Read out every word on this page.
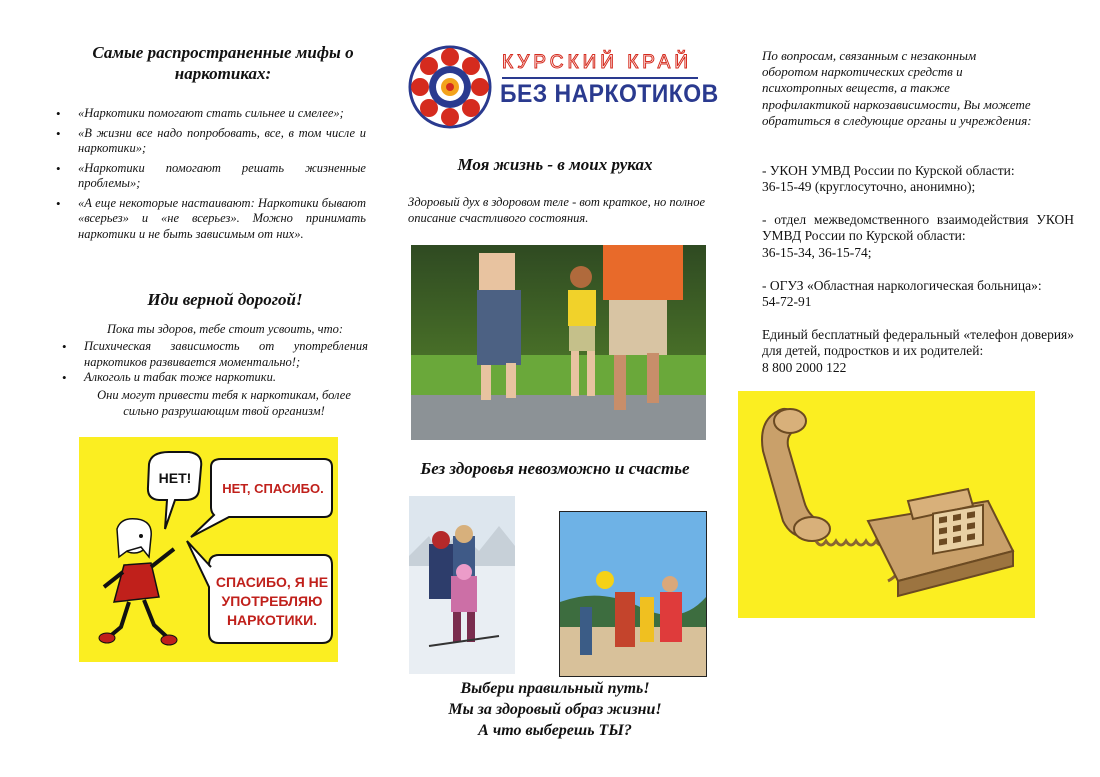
Самые распространенные мифы о наркотиках:
• «Наркотики помогают стать сильнее и смелее»;
• «В жизни все надо попробовать, все, в том числе и наркотики»;
• «Наркотики помогают решать жизненные проблемы»;
• «А еще некоторые настаивают: Наркотики бывают «всерьез» и «не всерьез». Можно принимать наркотики и не быть зависимым от них».
Иди верной дорогой!
Пока ты здоров, тебе стоит усвоить, что:
• Психическая зависимость от употребления наркотиков развивается моментально!;
• Алкоголь и табак тоже наркотики.
Они могут привести тебя к наркотикам, более сильно разрушающим твой организм!
НЕТ!
НЕТ, СПАСИБО.
СПАСИБО, Я НЕ УПОТРЕБЛЯЮ НАРКОТИКИ.
КУРСКИЙ КРАЙ
БЕЗ НАРКОТИКОВ
Моя жизнь - в моих руках
Здоровый дух в здоровом теле - вот краткое, но полное описание счастливого состояния.
Без здоровья невозможно и счастье
Выбери правильный путь!
Мы за здоровый образ жизни!
А что выберешь ТЫ?
По вопросам, связанным с незаконным оборотом наркотических средств и психотропных веществ, а также профилактикой наркозависимости, Вы можете обратиться в следующие органы и учреждения:
- УКОН УМВД России по Курской области:
36-15-49 (круглосуточно, анонимно);
- отдел межведомственного взаимодействия УКОН УМВД России по Курской области:
36-15-34, 36-15-74;
- ОГУЗ «Областная наркологическая больница»:
54-72-91
Единый бесплатный федеральный «телефон доверия» для детей, подростков и их родителей:
8 800 2000 122
